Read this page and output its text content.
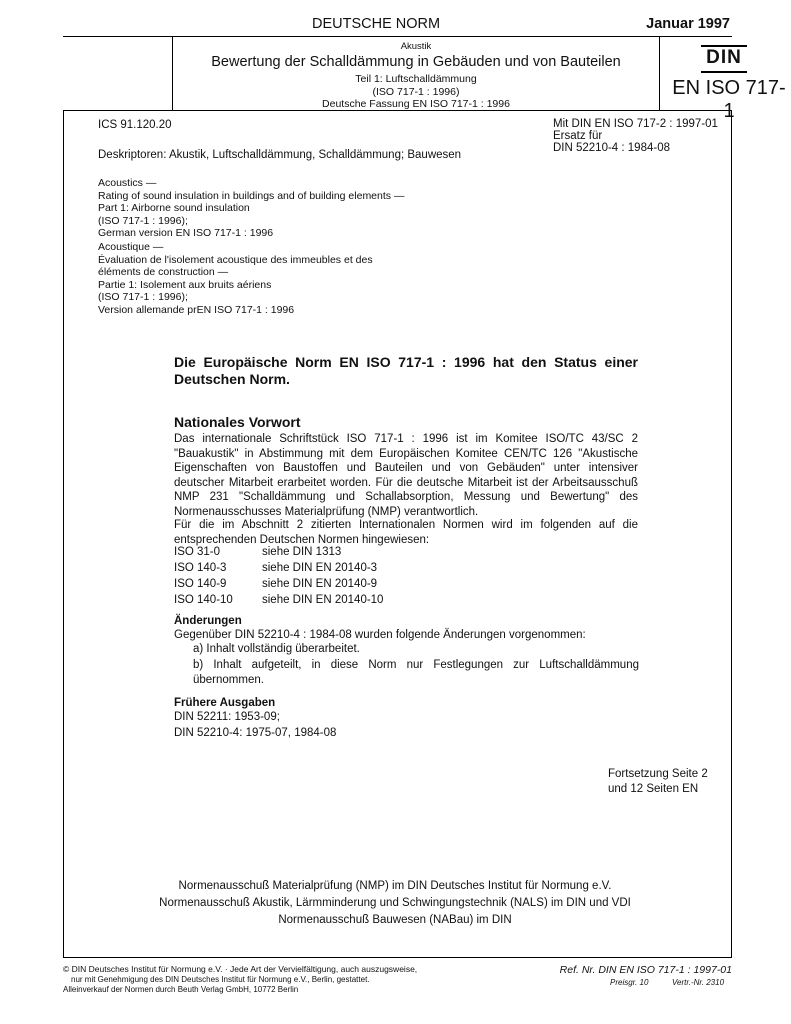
DEUTSCHE NORM	Januar 1997
Akustik
Bewertung der Schalldämmung in Gebäuden und von Bauteilen
Teil 1: Luftschalldämmung
(ISO 717-1 : 1996)
Deutsche Fassung EN ISO 717-1 : 1996
DIN
EN ISO 717-1
ICS 91.120.20
Deskriptoren: Akustik, Luftschalldämmung, Schalldämmung; Bauwesen
Mit DIN EN ISO 717-2 : 1997-01
Ersatz für
DIN 52210-4 : 1984-08
Acoustics —
Rating of sound insulation in buildings and of building elements —
Part 1: Airborne sound insulation
(ISO 717-1 : 1996);
German version EN ISO 717-1 : 1996
Acoustique —
Évaluation de l'isolement acoustique des immeubles et des
éléments de construction —
Partie 1: Isolement aux bruits aériens
(ISO 717-1 : 1996);
Version allemande prEN ISO 717-1 : 1996
Die Europäische Norm EN ISO 717-1 : 1996 hat den Status einer Deutschen Norm.
Nationales Vorwort
Das internationale Schriftstück ISO 717-1 : 1996 ist im Komitee ISO/TC 43/SC 2 "Bauakustik" in Abstimmung mit dem Europäischen Komitee CEN/TC 126 "Akustische Eigenschaften von Baustoffen und Bauteilen und von Gebäuden" unter intensiver deutscher Mitarbeit erarbeitet worden. Für die deutsche Mitarbeit ist der Arbeitsausschuß NMP 231 "Schalldämmung und Schallabsorption, Messung und Bewertung" des Normenausschusses Materialprüfung (NMP) verantwortlich.
Für die im Abschnitt 2 zitierten Internationalen Normen wird im folgenden auf die entsprechenden Deutschen Normen hingewiesen:
ISO 31-0	siehe DIN 1313
ISO 140-3	siehe DIN EN 20140-3
ISO 140-9	siehe DIN EN 20140-9
ISO 140-10	siehe DIN EN 20140-10
Änderungen
Gegenüber DIN 52210-4 : 1984-08 wurden folgende Änderungen vorgenommen:
a) Inhalt vollständig überarbeitet.
b) Inhalt aufgeteilt, in diese Norm nur Festlegungen zur Luftschalldämmung übernommen.
Frühere Ausgaben
DIN 52211: 1953-09;
DIN 52210-4: 1975-07, 1984-08
Fortsetzung Seite 2
und 12 Seiten EN
Normenausschuß Materialprüfung (NMP) im DIN Deutsches Institut für Normung e.V.
Normenausschuß Akustik, Lärmminderung und Schwingungstechnik (NALS) im DIN und VDI
Normenausschuß Bauwesen (NABau) im DIN
© DIN Deutsches Institut für Normung e.V. · Jede Art der Vervielfältigung, auch auszugsweise,
nur mit Genehmigung des DIN Deutsches Institut für Normung e.V., Berlin, gestattet.
Alleinverkauf der Normen durch Beuth Verlag GmbH, 10772 Berlin
Ref. Nr. DIN EN ISO 717-1 : 1997-01
Preisgr. 10	Vertr.-Nr. 2310
